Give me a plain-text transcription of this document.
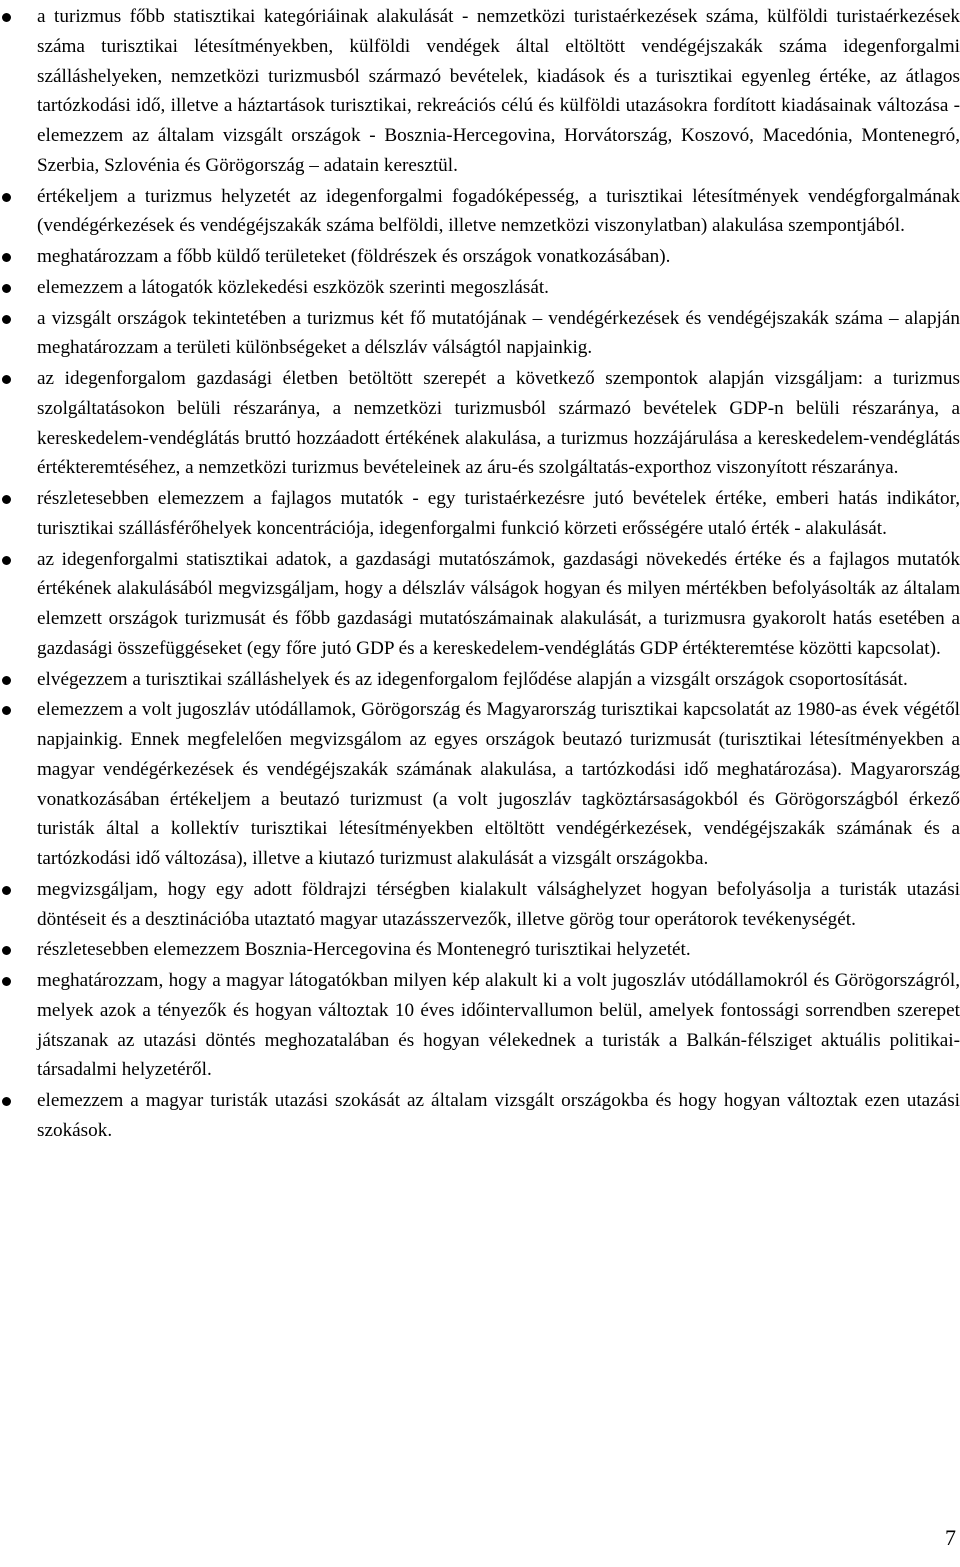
a turizmus főbb statisztikai kategóriáinak alakulását - nemzetközi turistaérkezések száma, külföldi turistaérkezések száma turisztikai létesítményekben, külföldi vendégek által eltöltött vendégéjszakák száma idegenforgalmi szálláshelyeken, nemzetközi turizmusból származó bevételek, kiadások és a turisztikai egyenleg értéke, az átlagos tartózkodási idő, illetve a háztartások turisztikai, rekreációs célú és külföldi utazásokra fordított kiadásainak változása - elemezzem az általam vizsgált országok - Bosznia-Hercegovina, Horvátország, Koszovó, Macedónia, Montenegró, Szerbia, Szlovénia és Görögország – adatain keresztül.
értékeljem a turizmus helyzetét az idegenforgalmi fogadóképesség, a turisztikai létesítmények vendégforgalmának (vendégérkezések és vendégéjszakák száma belföldi, illetve nemzetközi viszonylatban) alakulása szempontjából.
meghatározzam a főbb küldő területeket (földrészek és országok vonatkozásában).
elemezzem a látogatók közlekedési eszközök szerinti megoszlását.
a vizsgált országok tekintetében a turizmus két fő mutatójának – vendégérkezések és vendégéjszakák száma – alapján meghatározzam a területi különbségeket a délszláv válságtól napjainkig.
az idegenforgalom gazdasági életben betöltött szerepét a következő szempontok alapján vizsgáljam: a turizmus szolgáltatásokon belüli részaránya, a nemzetközi turizmusból származó bevételek GDP-n belüli részaránya, a kereskedelem-vendéglátás bruttó hozzáadott értékének alakulása, a turizmus hozzájárulása a kereskedelem-vendéglátás értékteremtéséhez, a nemzetközi turizmus bevételeinek az áru-és szolgáltatás-exporthoz viszonyított részaránya.
részletesebben elemezzem a fajlagos mutatók - egy turistaérkezésre jutó bevételek értéke, emberi hatás indikátor, turisztikai szállásférőhelyek koncentrációja, idegenforgalmi funkció körzeti erősségére utaló érték - alakulását.
az idegenforgalmi statisztikai adatok, a gazdasági mutatószámok, gazdasági növekedés értéke és a fajlagos mutatók értékének alakulásából megvizsgáljam, hogy a délszláv válságok hogyan és milyen mértékben befolyásolták az általam elemzett országok turizmusát és főbb gazdasági mutatószámainak alakulását, a turizmusra gyakorolt hatás esetében a gazdasági összefüggéseket (egy főre jutó GDP és a kereskedelem-vendéglátás GDP értékteremtése közötti kapcsolat).
elvégezzem a turisztikai szálláshelyek és az idegenforgalom fejlődése alapján a vizsgált országok csoportosítását.
elemezzem a volt jugoszláv utódállamok, Görögország és Magyarország turisztikai kapcsolatát az 1980-as évek végétől napjainkig. Ennek megfelelően megvizsgálom az egyes országok beutazó turizmusát (turisztikai létesítményekben a magyar vendégérkezések és vendégéjszakák számának alakulása, a tartózkodási idő meghatározása). Magyarország vonatkozásában értékeljem a beutazó turizmust (a volt jugoszláv tagköztársaságokból és Görögországból érkező turisták által a kollektív turisztikai létesítményekben eltöltött vendégérkezések, vendégéjszakák számának és a tartózkodási idő változása), illetve a kiutazó turizmust alakulását a vizsgált országokba.
megvizsgáljam, hogy egy adott földrajzi térségben kialakult válsághelyzet hogyan befolyásolja a turisták utazási döntéseit és a desztinációba utaztató magyar utazásszervezők, illetve görög tour operátorok tevékenységét.
részletesebben elemezzem Bosznia-Hercegovina és Montenegró turisztikai helyzetét.
meghatározzam, hogy a magyar látogatókban milyen kép alakult ki a volt jugoszláv utódállamokról és Görögországról, melyek azok a tényezők és hogyan változtak 10 éves időintervallumon belül, amelyek fontossági sorrendben szerepet játszanak az utazási döntés meghozatalában és hogyan vélekednek a turisták a Balkán-félsziget aktuális politikai-társadalmi helyzetéről.
elemezzem a magyar turisták utazási szokását az általam vizsgált országokba és hogy hogyan változtak ezen utazási szokások.
7
